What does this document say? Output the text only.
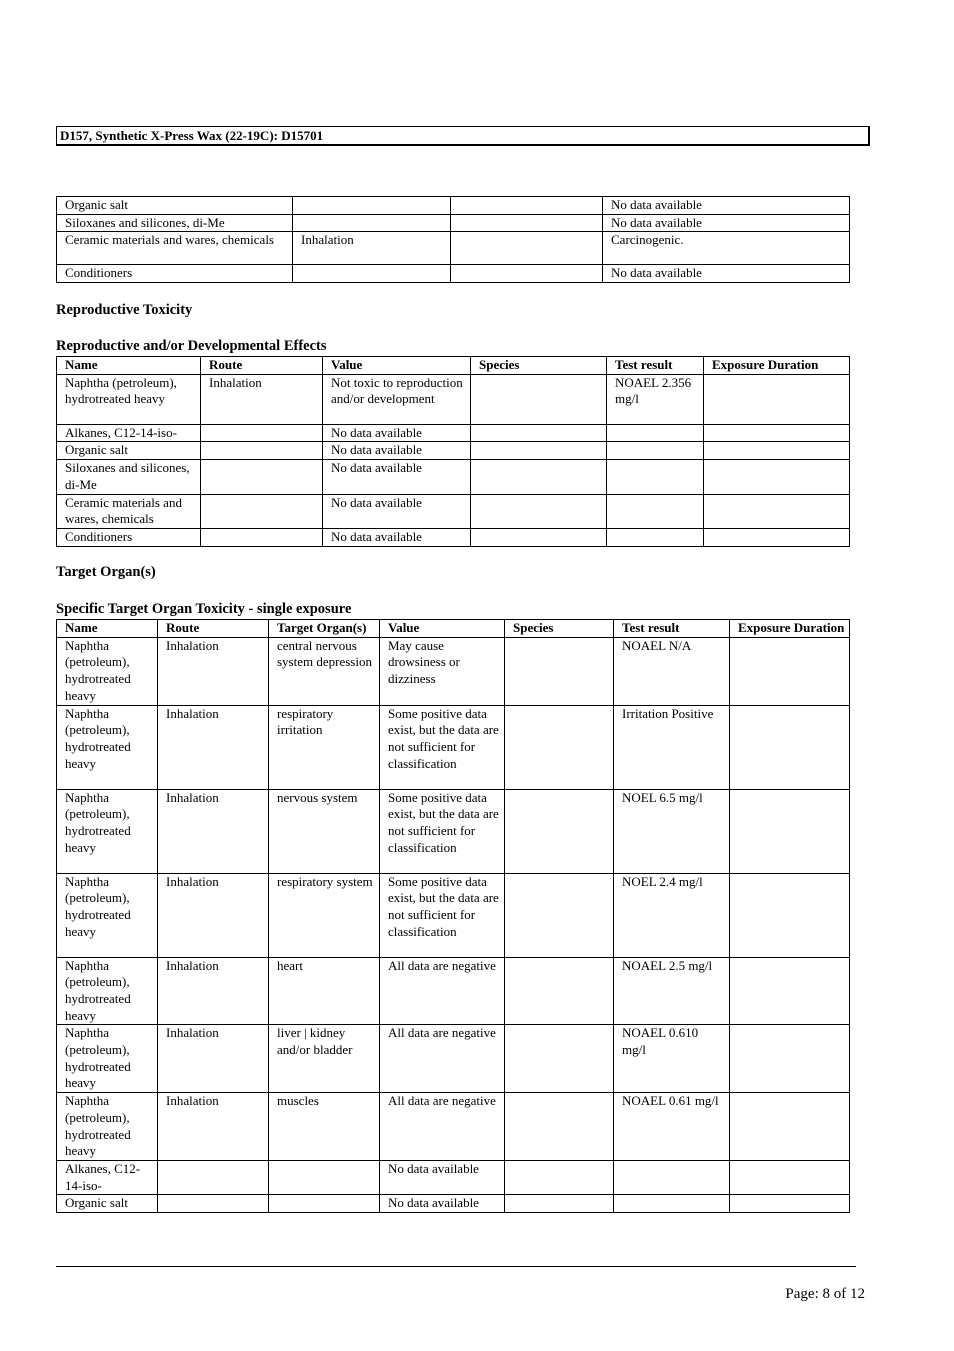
D157, Synthetic X-Press Wax (22-19C): D15701
Organic salt			No data available
Siloxanes and silicones, di-Me			No data available
Ceramic materials and wares, chemicals	Inhalation		Carcinogenic.
Conditioners			No data available
Reproductive Toxicity
Reproductive and/or Developmental Effects
Name	Route	Value	Species	Test result	Exposure Duration
Naphtha (petroleum), hydrotreated heavy	Inhalation	Not toxic to reproduction and/or development		NOAEL 2.356 mg/l	
Alkanes, C12-14-iso-		No data available			
Organic salt		No data available			
Siloxanes and silicones, di-Me		No data available			
Ceramic materials and wares, chemicals		No data available			
Conditioners		No data available			
Target Organ(s)
Specific Target Organ Toxicity - single exposure
Name	Route	Target Organ(s)	Value	Species	Test result	Exposure Duration
Naphtha (petroleum), hydrotreated heavy	Inhalation	central nervous system depression	May cause drowsiness or dizziness		NOAEL N/A	
Naphtha (petroleum), hydrotreated heavy	Inhalation	respiratory irritation	Some positive data exist, but the data are not sufficient for classification		Irritation Positive	
Naphtha (petroleum), hydrotreated heavy	Inhalation	nervous system	Some positive data exist, but the data are not sufficient for classification		NOEL 6.5 mg/l	
Naphtha (petroleum), hydrotreated heavy	Inhalation	respiratory system	Some positive data exist, but the data are not sufficient for classification		NOEL 2.4 mg/l	
Naphtha (petroleum), hydrotreated heavy	Inhalation	heart	All data are negative		NOAEL 2.5 mg/l	
Naphtha (petroleum), hydrotreated heavy	Inhalation	liver | kidney and/or bladder	All data are negative		NOAEL 0.610 mg/l	
Naphtha (petroleum), hydrotreated heavy	Inhalation	muscles	All data are negative		NOAEL 0.61 mg/l	
Alkanes, C12-14-iso-			No data available			
Organic salt			No data available			
Page: 8 of 12
